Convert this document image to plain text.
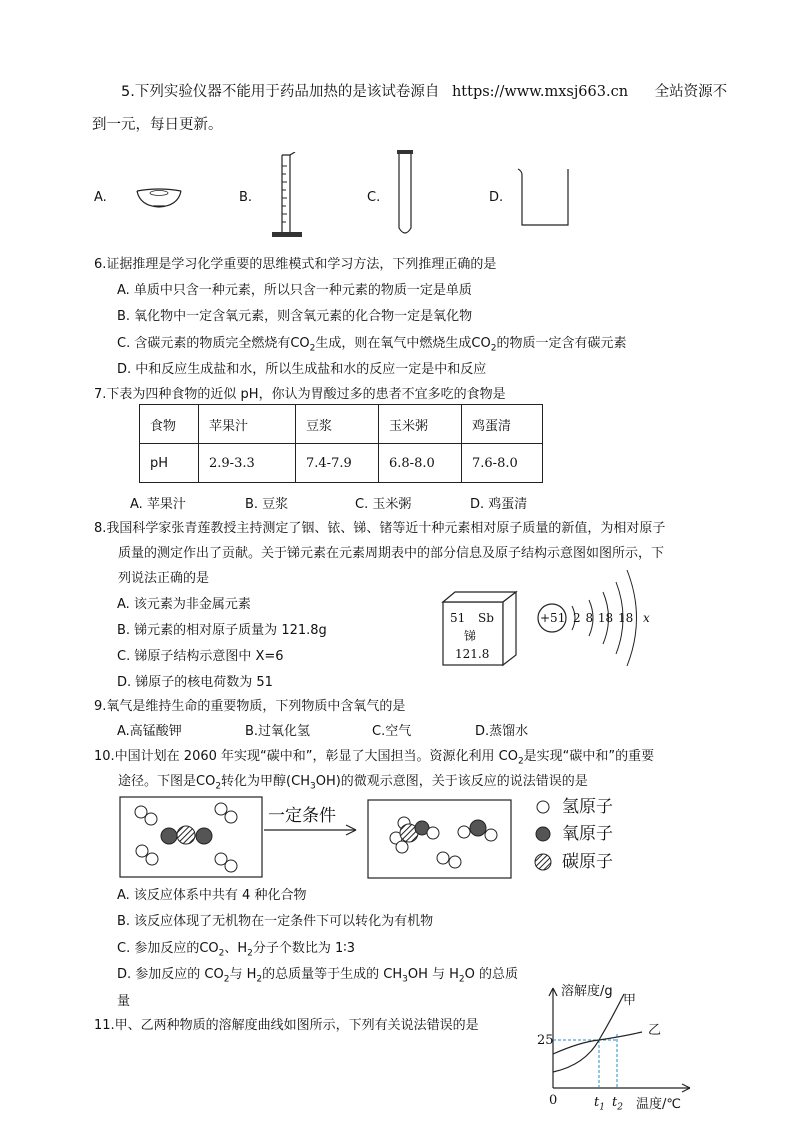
5.下列实验仪器不能用于药品加热的是该试卷源自 https://www.mxsj663.cn 全站资源不
到一元，每日更新。
A.	B.	C.	D.
6.证据推理是学习化学重要的思维模式和学习方法，下列推理正确的是
A. 单质中只含一种元素，所以只含一种元素的物质一定是单质
B. 氧化物中一定含氧元素，则含氧元素的化合物一定是氧化物
C. 含碳元素的物质完全燃烧有$CO_2$生成，则在氧气中燃烧生成$CO_2$的物质一定含有碳元素
D. 中和反应生成盐和水，所以生成盐和水的反应一定是中和反应
7.下表为四种食物的近似 pH，你认为胃酸过多的患者不宜多吃的食物是
食物	苹果汁	豆浆	玉米粥	鸡蛋清
pH	2.9-3.3	7.4-7.9	6.8-8.0	7.6-8.0
A. 苹果汁	B. 豆浆	C. 玉米粥	D. 鸡蛋清
8.我国科学家张青莲教授主持测定了铟、铱、锑、锗等近十种元素相对原子质量的新值，为相对原子
质量的测定作出了贡献。关于锑元素在元素周期表中的部分信息及原子结构示意图如图所示，下
列说法正确的是
A. 该元素为非金属元素
B. 锑元素的相对原子质量为 121.8g
C. 锑原子结构示意图中 X=6
D. 锑原子的核电荷数为 51
51 Sb
锑
121.8
+51 2 8 18 18 x
9.氧气是维持生命的重要物质，下列物质中含氧气的是
A.高锰酸钾	B.过氧化氢	C.空气	D.蒸馏水
10.中国计划在 2060 年实现“碳中和”，彰显了大国担当。资源化利用 $CO_2$是实现“碳中和”的重要
途径。下图是$CO_2$转化为甲醇$(CH_3OH)$的微观示意图，关于该反应的说法错误的是
一定条件	氢原子
氧原子
碳原子
A. 该反应体系中共有 4 种化合物
B. 该反应体现了无机物在一定条件下可以转化为有机物
C. 参加反应的$CO_2$、$H_2$分子个数比为 1∶3
D. 参加反应的 $CO_2$与 $H_2$的总质量等于生成的 $CH_3OH$ 与 $H_2O$ 的总质
量
11.甲、乙两种物质的溶解度曲线如图所示，下列有关说法错误的是
溶解度/g
甲
乙
25
0	$t_1$ $t_2$ 温度/℃
